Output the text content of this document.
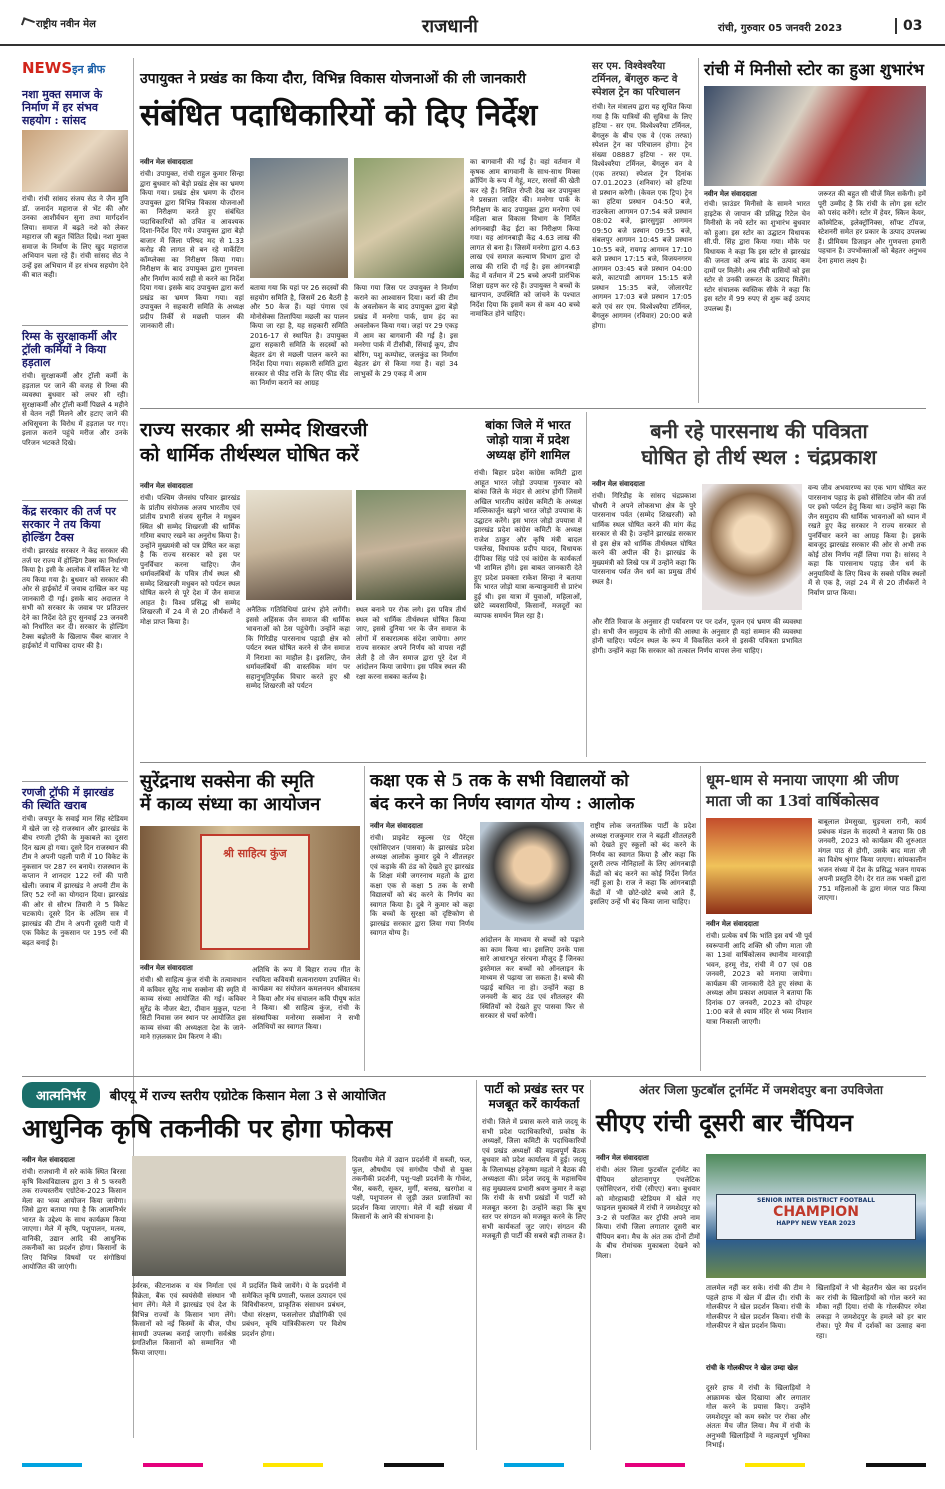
राष्ट्रीय नवीन मेल	राजधानी	रांची, गुरुवार 05 जनवरी 2023	03
NEWSइन ब्रीफ
नशा मुक्त समाज के निर्माण में हर संभव सहयोग : सांसद
रांची। रांची सांसद संजय सेठ ने जैन मुनि डॉ. जनार्दन महाराज से भेंट की और उनका आशीर्वचन सुना तथा मार्गदर्शन लिया। समाज में बढ़ते नशे को लेकर महाराज जी बहुत चिंतित दिखे। नशा मुक्त समाज के निर्माण के लिए खुद महाराज अभियान चला रहे हैं। रांची सांसद सेठ ने उन्हें इस अभियान में हर संभव सहयोग देने की बात कही।
रिम्स के सुरक्षाकर्मी और ट्रॉली कर्मियों ने किया हड़ताल
रांची। सुरक्षाकर्मी और ट्रॉली कर्मी के हड़ताल पर जाने की वजह से रिम्स की व्यवस्था बुधवार को लचर सी रही। सुरक्षाकर्मी और ट्रॉली कर्मी पिछले 4 महीने से वेतन नहीं मिलने और हटाए जाने की अधिसूचना के विरोध में हड़ताल पर गए। इलाज कराने पहुंचे मरीज और उनके परिजन भटकते दिखे।
केंद्र सरकार की तर्ज पर सरकार ने तय किया होल्डिंग टैक्स
रांची। झारखंड सरकार ने केंद्र सरकार की तर्ज पर राज्य में होल्डिंग टैक्स का निर्धारण किया है। इसी के आलोक में सर्किल रेट भी तय किया गया है। बुधवार को सरकार की ओर से हाईकोर्ट में जवाब दाखिल कर यह जानकारी दी गई। इसके बाद अदालत ने सभी को सरकार के जवाब पर प्रतिउत्तर देने का निर्देश देते हुए सुनवाई 23 जनवरी को निर्धारित कर दी। सरकार के होल्डिंग टैक्स बढ़ोतरी के खिलाफ चैंबर बाजार ने हाईकोर्ट में याचिका दायर की है।
रणजी ट्रॉफी में झारखंड की स्थिति खराब
रांची। जयपुर के सवाई मान सिंह स्टेडियम में खेले जा रहे राजस्थान और झारखंड के बीच रणजी ट्रॉफी के मुकाबले का दूसरा दिन खत्म हो गया। दूसरे दिन राजस्थान की टीम ने अपनी पहली पारी में 10 विकेट के नुकसान पर 287 रन बनाये। राजस्थान के कप्तान ने शानदार 122 रनों की पारी खेली। जवाब में झारखंड ने अपनी टीम के लिए 52 रनों का योगदान दिया। झारखंड की ओर से सौरभ तिवारी ने 5 विकेट चटकाये। दूसरे दिन के अंतिम सत्र में झारखंड की टीम ने अपनी दूसरी पारी में एक विकेट के नुकसान पर 195 रनों की बढ़त बनाई है।
उपायुक्त ने प्रखंड का किया दौरा, विभिन्न विकास योजनाओं की ली जानकारी
संबंधित पदाधिकारियों को दिए निर्देश
नवीन मेल संवाददाता
रांची। उपायुक्त, रांची राहुल कुमार सिन्हा द्वारा बुधवार को बेड़ो प्रखंड क्षेत्र का भ्रमण किया गया। प्रखंड क्षेत्र भ्रमण के दौरान उपायुक्त द्वारा विभिन्न विकास योजनाओं का निरीक्षण करते हुए संबंधित पदाधिकारियों को उचित व आवश्यक दिशा-निर्देश दिए गये। उपायुक्त द्वारा बेड़ो बाजार में जिला परिषद मद से 1.33 करोड़ की लागत से बन रहे मार्केटिंग कॉम्प्लेक्स का निरीक्षण किया गया। निरीक्षण के बाद उपायुक्त द्वारा गुणवत्ता और निर्माण कार्य सही से करने का निर्देश दिया गया। इसके बाद उपायुक्त द्वारा कर्रा प्रखंड का भ्रमण किया गया। वहां उपायुक्त ने सहकारी समिति के अध्यक्ष प्रदीप तिर्की से मछली पालन की जानकारी ली।
बताया गया कि यहां पर 26 सदस्यों की सहयोग समिति है, जिसमें 26 बैठरी है और 50 केज हैं। यहां पंगास एवं मोनोसेक्स तिलापिया मछली का पालन किया जा रहा है, यह सहकारी समिति 2016-17 से स्थापित है। उपायुक्त द्वारा सहकारी समिति के सदस्यों को बेहतर ढंग से मछली पालन करने का निर्देश दिया गया। सहकारी समिति द्वारा सरकार से फीड राशि के लिए फीड सेंड का निर्माण कराने का आग्रह
किया गया जिस पर उपायुक्त ने निर्माण कराने का आश्वासन दिया। कर्रा की टीम के अवलोकन के बाद उपायुक्त द्वारा बेड़ो प्रखंड में मनरेगा पार्क, ग्राम हंद का अवलोकन किया गया। जहां पर 29 एकड़ में आम का बागवानी की गई है। इस मनरेगा पार्क में टीसीबी, सिंचाई कूप, डीप बोरिंग, पशु कम्पोस्ट, जलकुंड का निर्माण बेहतर ढंग से किया गया है। वहां 34 लाभुकों के 29 एकड़ में आम
का बागवानी की गई है। वहां वर्तमान में कृषक आम बागवानी के साथ-साथ मिक्स क्रॉपिंग के रूप में गेहूं, मटर, सरसों की खेती कर रहे हैं। निशित रोप्ती देख कर उपायुक्त ने प्रसन्नता जाहिर की। मनरेगा पार्क के निरीक्षण के बाद उपायुक्त द्वारा मनरेगा एवं महिला बाल विकास विभाग के निर्मित आंगनबाड़ी केंद्र ईटा का निरीक्षण किया गया। यह आंगनबाड़ी केंद्र 4.63 लाख की लागत से बना है। जिसमें मनरेगा द्वारा 4.63 लाख एवं समाज कल्याण विभाग द्वारा दो लाख की राशि दी गई है। इस आंगनबाड़ी केंद्र में वर्तमान में 25 बच्चे अपनी प्रारंभिक शिक्षा ग्रहण कर रहे हैं। उपायुक्त ने बच्चों के खानपान, उपस्थिति को जांचने के पश्चात निर्देश दिया कि इसमें कम से कम 40 बच्चे नामांकित होने चाहिए।
सर एम. विश्वेश्वरैया टर्मिनल, बेंगलुरु कन्ट वे स्पेशल ट्रेन का परिचालन
रांची। रेल मंत्रालय द्वारा यह सूचित किया गया है कि यात्रियों की सुविधा के लिए हटिया - सर एम. विश्वेश्वरैया टर्मिनल, बेंगलुरु के बीच एक वे (एक तरफा) स्पेशल ट्रेन का परिचालन होगा। ट्रेन संख्या 08887 हटिया - सर एम. विश्वेश्वरैया टर्मिनल, बेंगलुरु वन वे (एक तरफा) स्पेशल ट्रेन दिनांक 07.01.2023 (शनिवार) को हटिया से प्रस्थान करेगी। (केवल एक ट्रिप) ट्रेन का हटिया प्रस्थान 04:50 बजे, राउरकेला आगमन 07:54 बजे प्रस्थान 08:02 बजे, झारसुगुड़ा आगमन 09:50 बजे प्रस्थान 09:55 बजे, संबलपुर आगमन 10:45 बजे प्रस्थान 10:55 बजे, रायगढ़ आगमन 17:10 बजे प्रस्थान 17:15 बजे, विजयनगरम आगमन 03:45 बजे प्रस्थान 04:00 बजे, काटपाडी आगमन 15:15 बजे प्रस्थान 15:35 बजे, जोलारपेट आगमन 17:03 बजे प्रस्थान 17:05 बजे एवं सर एम. विश्वेश्वरैया टर्मिनल, बेंगलुरु आगमन (रविवार) 20:00 बजे होगा।
रांची में मिनीसो स्टोर का हुआ शुभारंभ
नवीन मेल संवाददाता
रांची। फ़ाउंडर मिनीसो के सामने भारत हाइटेक से जापान की प्रसिद्ध रिटेल चेन मिनीसो के नये स्टोर का शुभारंभ बुधवार को हुआ। इस स्टोर का उद्घाटन विधायक सी.पी. सिंह द्वारा किया गया। मौके पर विधायक ने कहा कि इस स्टोर से झारखंड की जनता को अन्य ब्रांड के उत्पाद कम दामों पर मिलेंगे। अब राँची वासियों को इस स्टोर से उनकी जरूरत के उत्पाद मिलेंगे। स्टोर संचालक स्वस्तिक सीके ने कहा कि इस स्टोर में 99 रुपए से शुरू कई उत्पाद उपलब्ध हैं।
जरूरत की बहुत सी चीजें मिल सकेंगी। हमें पूरी उम्मीद है कि रांची के लोग इस स्टोर को पसंद करेंगे। स्टोर में हेयर, स्किन केयर, कॉस्मेटिक, इलेक्ट्रॉनिक्स, सॉफ्ट टॉयज, स्टेशनरी समेत हर प्रकार के उत्पाद उपलब्ध हैं। प्रीमियम डिजाइन और गुणवत्ता हमारी पहचान है। उपभोक्ताओं को बेहतर अनुभव देना हमारा लक्ष्य है।
राज्य सरकार श्री सम्मेद शिखरजी
को धार्मिक तीर्थस्थल घोषित करें
नवीन मेल संवाददाता
रांची। पश्चिम जैनसंघ परिवार झारखंड के प्रांतीय संयोजक अजय भारतीय एवं प्रांतीय प्रभारी संजय सुनील ने मधुबन स्थित श्री सम्मेद शिखरजी की धार्मिक गरिमा बचाए रखने का अनुरोध किया है। उन्होंने मुख्यमंत्री को पत्र प्रेषित कर कहा है कि राज्य सरकार को इस पर पुनर्विचार करना चाहिए। जैन धर्मावलंबियों के पवित्र तीर्थ स्थल श्री सम्मेद शिखरजी मधुबन को पर्यटन स्थल घोषित करने से पूरे देश में जैन समाज आहत है। विश्व प्रसिद्ध श्री सम्मेद शिखरजी में 24 में से 20 तीर्थंकरों ने मोक्ष प्राप्त किया है।
अनैतिक गतिविधियां प्रारंभ होने लगेंगी। इससे अहिंसक जैन समाज की धार्मिक भावनाओं को ठेस पहुंचेगी। उन्होंने कहा कि गिरिडीह पारसनाथ पहाड़ी क्षेत्र को पर्यटन स्थल घोषित करने से जैन समाज में निराशा का माहौल है। इसलिए, जैन धर्मावलंबियों की वास्तविक मांग पर सहानुभूतिपूर्वक विचार करते हुए श्री सम्मेद शिखरजी को पर्यटन
स्थल बनाने पर रोक लगे। इस पवित्र तीर्थ स्थल को धार्मिक तीर्थस्थल घोषित किया जाए, इससे दुनिया भर के जैन समाज के लोगों में सकारात्मक संदेश जायेगा। अगर राज्य सरकार अपने निर्णय को वापस नहीं लेती है तो जैन समाज द्वारा पूरे देश में आंदोलन किया जायेगा। इस पवित्र स्थल की रक्षा करना सबका कर्तव्य है।
बांका जिले में भारत जोड़ो यात्रा में प्रदेश अध्यक्ष होंगे शामिल
रांची। बिहार प्रदेश कांग्रेस कमिटी द्वारा आहूत भारत जोड़ो उपयात्रा गुरुवार को बांका जिले के मंदार से आरंभ होगी जिसमें अखिल भारतीय कांग्रेस कमिटी के अध्यक्ष मल्लिकार्जुन खड़गे भारत जोड़ो उपयात्रा के उद्घाटन करेंगे। इस भारत जोड़ो उपयात्रा में झारखंड प्रदेश कांग्रेस कमिटी के अध्यक्ष राजेश ठाकुर और कृषि मंत्री बादल पत्रलेख, विधायक प्रदीप यादव, विधायक दीपिका सिंह पांडे एवं कांग्रेस के कार्यकर्ता भी शामिल होंगे। इस बाबत जानकारी देते हुए प्रदेश प्रवक्ता राकेश सिन्हा ने बताया कि भारत जोड़ो यात्रा कन्याकुमारी से प्रारंभ हुई थी। इस यात्रा में युवाओं, महिलाओं, छोटे व्यवसायियों, किसानों, मजदूरों का व्यापक समर्थन मिल रहा है।
बनी रहे पारसनाथ की पवित्रता
घोषित हो तीर्थ स्थल : चंद्रप्रकाश
नवीन मेल संवाददाता
रांची। गिरिडीह के सांसद चंद्रप्रकाश चौधरी ने अपने लोकसभा क्षेत्र के पुरे पारसनाथ पर्वत (सम्मेद शिखरजी) को धार्मिक स्थल घोषित करने की मांग केंद्र सरकार से की है। उन्होंने झारखंड सरकार से इस क्षेत्र को धार्मिक तीर्थस्थल घोषित करने की अपील की है। झारखंड के मुख्यमंत्री को लिखे पत्र में उन्होंने कहा कि पारसनाथ पर्वत जैन धर्म का प्रमुख तीर्थ स्थल है।
और रीति रिवाज के अनुसार ही पर्यावरण पर पर दर्शन, पूजन एवं भ्रमण की व्यवस्था हो। सभी जैन समुदाय के लोगों की आस्था के अनुसार ही यहां सम्मान की व्यवस्था होनी चाहिए। पर्यटन स्थल के रूप में विकसित करने से इसकी पवित्रता प्रभावित होगी। उन्होंने कहा कि सरकार को तत्काल निर्णय वापस लेना चाहिए।
वन्य जीव अभयारण्य का एक भाग घोषित कर पारसनाथ पहाड़ के इको सेंसिटिव जोन की तर्ज पर इको पर्यटन हेतु किया था। उन्होंने कहा कि जैन समुदाय की धार्मिक भावनाओं को ध्यान में रखते हुए केंद्र सरकार ने राज्य सरकार से पुनर्विचार करने का आग्रह किया है। इसके बावजूद झारखंड सरकार की ओर से अभी तक कोई ठोस निर्णय नहीं लिया गया है। सांसद ने कहा कि पारसनाथ पहाड़ जैन धर्म के अनुयायियों के लिए विश्व के सबसे पवित्र स्थलों में से एक है, जहां 24 में से 20 तीर्थंकरों ने निर्वाण प्राप्त किया।
सुरेंद्रनाथ सक्सेना की स्मृति
में काव्य संध्या का आयोजन
श्री साहित्य कुंज
नवीन मेल संवाददाता
रांची। श्री साहित्य कुंज रांची के तत्वावधान में कविवर सुरेंद्र नाथ सक्सेना की स्मृति में काव्य संध्या आयोजित की गई। कविवर सुरेंद्र के नौजर बेटा, दीवान मुकुल, पटना सिटी निवास जन स्थान पर आयोजित इस काव्य संध्या की अध्यक्षता देश के जाने-माने ग़ज़लकार प्रेम किरण ने की।
अतिथि के रूप में बिहार राज्य गीत के रचयिता कवियत्री सत्यनारायण उपस्थित थे। कार्यक्रम का संयोजन कमलनयन श्रीवास्तव ने किया और मंच संचालन कवि पीयूष कांत ने किया। श्री साहित्य कुंज, रांची के संस्थापिका मनोरमा सक्सेना ने सभी अतिथियों का स्वागत किया।
कक्षा एक से 5 तक के सभी विद्यालयों को
बंद करने का निर्णय स्वागत योग्य : आलोक
नवीन मेल संवाददाता
रांची। प्राइवेट स्कूल्स एंड पैरेंट्स एसोसिएशन (पासवा) के झारखंड प्रदेश अध्यक्ष आलोक कुमार दुबे ने शीतलहर एवं कड़ाके की ठंड को देखते हुए झारखंड के शिक्षा मंत्री जगरनाथ महतो के द्वारा कक्षा एक से कक्षा 5 तक के सभी विद्यालयों को बंद करने के निर्णय का स्वागत किया है। दुबे ने कुमार को कहा कि बच्चों के सुरक्षा को दृष्टिकोण से झारखंड सरकार द्वारा लिया गया निर्णय स्वागत योग्य है।
आंदोलन के माध्यम से बच्चों को पढ़ाने का काम किया था। इसलिए उनके पास सारे आधारभूत संरचना मौजूद हैं जिनका इस्तेमाल कर बच्चों को ऑनलाइन के माध्यम से पढ़ाया जा सकता है। बच्चे की पढ़ाई बाधित ना हो। उन्होंने कहा 8 जनवरी के बाद ठंड एवं शीतलहर की स्थितियों को देखते हुए पासवा फिर से सरकार से चर्चा करेगी।
राष्ट्रीय लोक जनतांत्रिक पार्टी के प्रदेश अध्यक्ष राजकुमार राज ने बढ़ती शीतलहरी को देखते हुए स्कूलों को बंद करने के निर्णय का स्वागत किया है और कहा कि दूसरी तरफ नौनिहालों के लिए आंगनबाड़ी केंद्रों को बंद करने का कोई निर्देश निर्गत नहीं हुआ है। राज ने कहा कि आंगनबाड़ी केंद्रों में भी छोटे-छोटे बच्चे आते हैं, इसलिए उन्हें भी बंद किया जाना चाहिए।
धूम-धाम से मनाया जाएगा श्री जीण
माता जी का 13वां वार्षिकोत्सव
नवीन मेल संवाददाता
रांची। प्रत्येक वर्ष कि भांति इस वर्ष भी पूर्व स्वरूपानी आदि शक्ति श्री जीण माता जी का 13वां वार्षिकोत्सव स्थानीय मारवाड़ी भवन, हरमू रोड, रांची में 07 एवं 08 जनवरी, 2023 को मनाया जायेगा। कार्यक्रम की जानकारी देते हुए संस्था के अध्यक्ष ओम प्रकाश अग्रवाल ने बताया कि दिनांक 07 जनवरी, 2023 को दोपहर 1:00 बजे से श्याम मंदिर से भव्य निशान यात्रा निकाली जाएगी।
बाबूलाल प्रेमसुखा, घुड़चला रानी, कार्य प्रबंधक मंडल के सदस्यों ने बताया कि 08 जनवरी, 2023 को कार्यक्रम की शुरुआत मंगल पाठ से होगी, उसके बाद माता जी का विशेष श्रृंगार किया जाएगा। सांयकालीन भजन संध्या में देश के प्रसिद्ध भजन गायक अपनी प्रस्तुति देंगे। देर रात तक भक्तों द्वारा 751 महिलाओं के द्वारा मंगल पाठ किया जाएगा।
आत्मनिर्भर	बीएयू में राज्य स्तरीय एग्रोटेक किसान मेला 3 से आयोजित
आधुनिक कृषि तकनीकी पर होगा फोकस
नवीन मेल संवाददाता
रांची। राजधानी में सरे कांके स्थित बिरसा कृषि विश्वविद्यालय द्वारा 3 से 5 फरवरी तक राज्यस्तरीय एग्रोटेक-2023 किसान मेला का भव्य आयोजन किया जायेगा। जिसे द्वारा बताया गया है कि आत्मनिर्भर भारत के उद्देश्य के साथ कार्यक्रम किया जाएगा। मेले में कृषि, पशुपालन, मत्स्य, वानिकी, उद्यान आदि की आधुनिक तकनीकों का प्रदर्शन होगा। किसानों के लिए विभिन्न विषयों पर संगोष्ठियां आयोजित की जाएंगी।
उर्वरक, कीटनाशक व यंत्र निर्माता एवं विक्रेता, बैंक एवं स्वयंसेवी संस्थान भी भाग लेंगे। मेले में झारखंड एवं देश के विभिन्न राज्यों के किसान भाग लेंगे। किसानों को नई किस्मों के बीज, पौध सामग्री उपलब्ध कराई जाएगी। सर्वश्रेष्ठ प्रगतिशील किसानों को सम्मानित भी किया जाएगा।
में प्रदर्शित किये जायेंगे। ये के प्रदर्शनी में समेकित कृषि प्रणाली, फसल उत्पादन एवं विविधीकरण, प्राकृतिक संसाधन प्रबंधन, पौधा संरक्षण, फसलोत्तर प्रौद्योगिकी एवं प्रबंधन, कृषि यांत्रिकीकरण पर विशेष प्रदर्शन होगा।
दिवसीय मेले में उद्यान प्रदर्शनी में सब्जी, फल, फूल, औषधीय एवं सगंधीय पौधों से युक्त तकनीकी प्रदर्शनी, पशु-पक्षी प्रदर्शनी के गोवंश, भैंस, बकरी, सूकर, मुर्गी, बत्तख, खरगोश व पक्षी, पशुपालन से जुड़ी उन्नत प्रजातियों का प्रदर्शन किया जाएगा। मेले में बड़ी संख्या में किसानों के आने की संभावना है।
पार्टी को प्रखंड स्तर पर मजबूत करें कार्यकर्ता
रांची। जिले में प्रवास करने वाले जदयू के सभी प्रदेश पदाधिकारियों, प्रकोष्ठ के अध्यक्षों, जिला कमिटी के पदाधिकारियों एवं प्रखंड अध्यक्षों की महत्वपूर्ण बैठक बुधवार को प्रदेश कार्यालय में हुई। जदयू के जिलाध्यक्ष हरेकृष्ण महतो ने बैठक की अध्यक्षता की। प्रदेश जदयू के महासचिव सह मुख्यालय प्रभारी श्रवण कुमार ने कहा कि रांची के सभी प्रखंडों में पार्टी को मजबूत करना है। उन्होंने कहा कि बूथ स्तर पर संगठन को मजबूत करने के लिए सभी कार्यकर्ता जुट जाएं। संगठन की मजबूती ही पार्टी की सबसे बड़ी ताकत है।
अंतर जिला फुटबॉल टूर्नामेंट में जमशेदपुर बना उपविजेता
सीएए रांची दूसरी बार चैंपियन
नवीन मेल संवाददाता
रांची। अंतर जिला फुटबॉल टूर्नामेंट का चैंपियन छोटानागपुर एथलेटिक एसोसिएशन, रांची (सीएए) बना। बुधवार को मोरहाबादी स्टेडियम में खेले गए फाइनल मुकाबले में रांची ने जमशेदपुर को 3-2 से पराजित कर ट्रॉफी अपने नाम किया। रांची जिला लगातार दूसरी बार चैंपियन बना। मैच के अंत तक दोनों टीमों के बीच रोमांचक मुकाबला देखने को मिला।
SENIOR INTER DISTRICT FOOTBALL
CHAMPION
HAPPY NEW YEAR 2023
तालमेल नहीं कर सके। रांची की टीम ने पहले हाफ में खेल में ढील दी। रांची के गोलकीपर ने खेल प्रदर्शन किया। रांची के गोलकीपर ने खेल प्रदर्शन किया। रांची के गोलकीपर ने खेल प्रदर्शन किया।
खिलाड़ियों ने भी बेहतरीन खेल का प्रदर्शन कर रांची के खिलाड़ियों को गोल करने का मौका नहीं दिया। रांची के गोलकीपर रमेश लकड़ा ने जमशेदपुर के हमले को हर बार रोका। पूरे मैच में दर्शकों का उत्साह बना रहा।
रांची के गोलकीपर ने खेल उम्दा खेल
दूसरे हाफ में रांची के खिलाड़ियों ने आक्रामक खेल दिखाया और लगातार गोल करने के प्रयास किए। उन्होंने जमशेदपुर को कम स्कोर पर रोका और अंततः मैच जीत लिया। मैच में रांची के अनुभवी खिलाड़ियों ने महत्वपूर्ण भूमिका निभाई।
